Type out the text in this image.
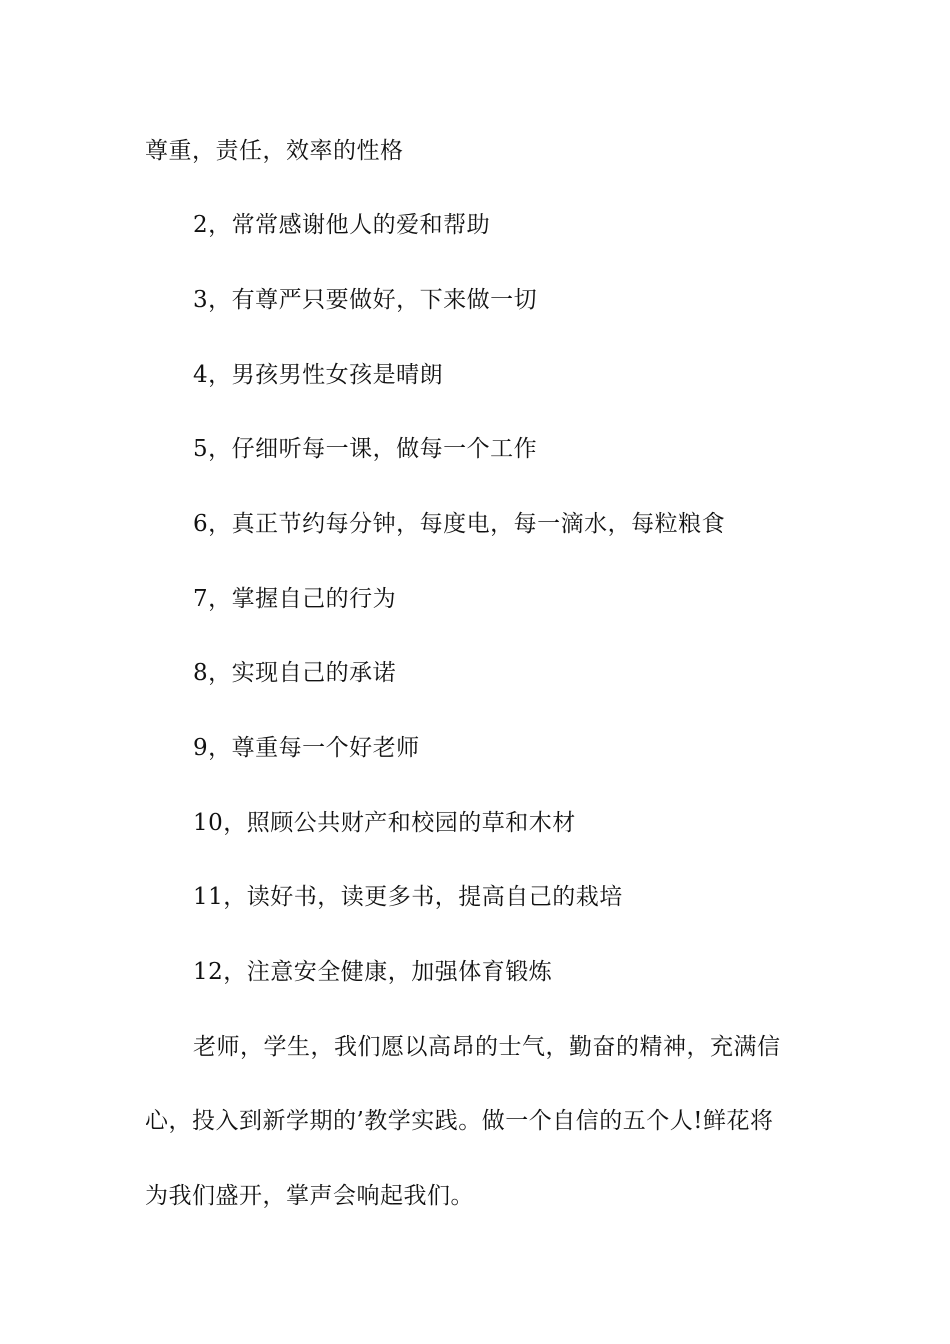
尊重，责任，效率的性格
2，常常感谢他人的爱和帮助
3，有尊严只要做好，下来做一切
4，男孩男性女孩是晴朗
5，仔细听每一课，做每一个工作
6，真正节约每分钟，每度电，每一滴水，每粒粮食
7，掌握自己的行为
8，实现自己的承诺
9，尊重每一个好老师
10，照顾公共财产和校园的草和木材
11，读好书，读更多书，提高自己的栽培
12，注意安全健康，加强体育锻炼
老师，学生，我们愿以高昂的士气，勤奋的精神，充满信
心，投入到新学期的’教学实践。做一个自信的五个人!鲜花将
为我们盛开，掌声会响起我们。
